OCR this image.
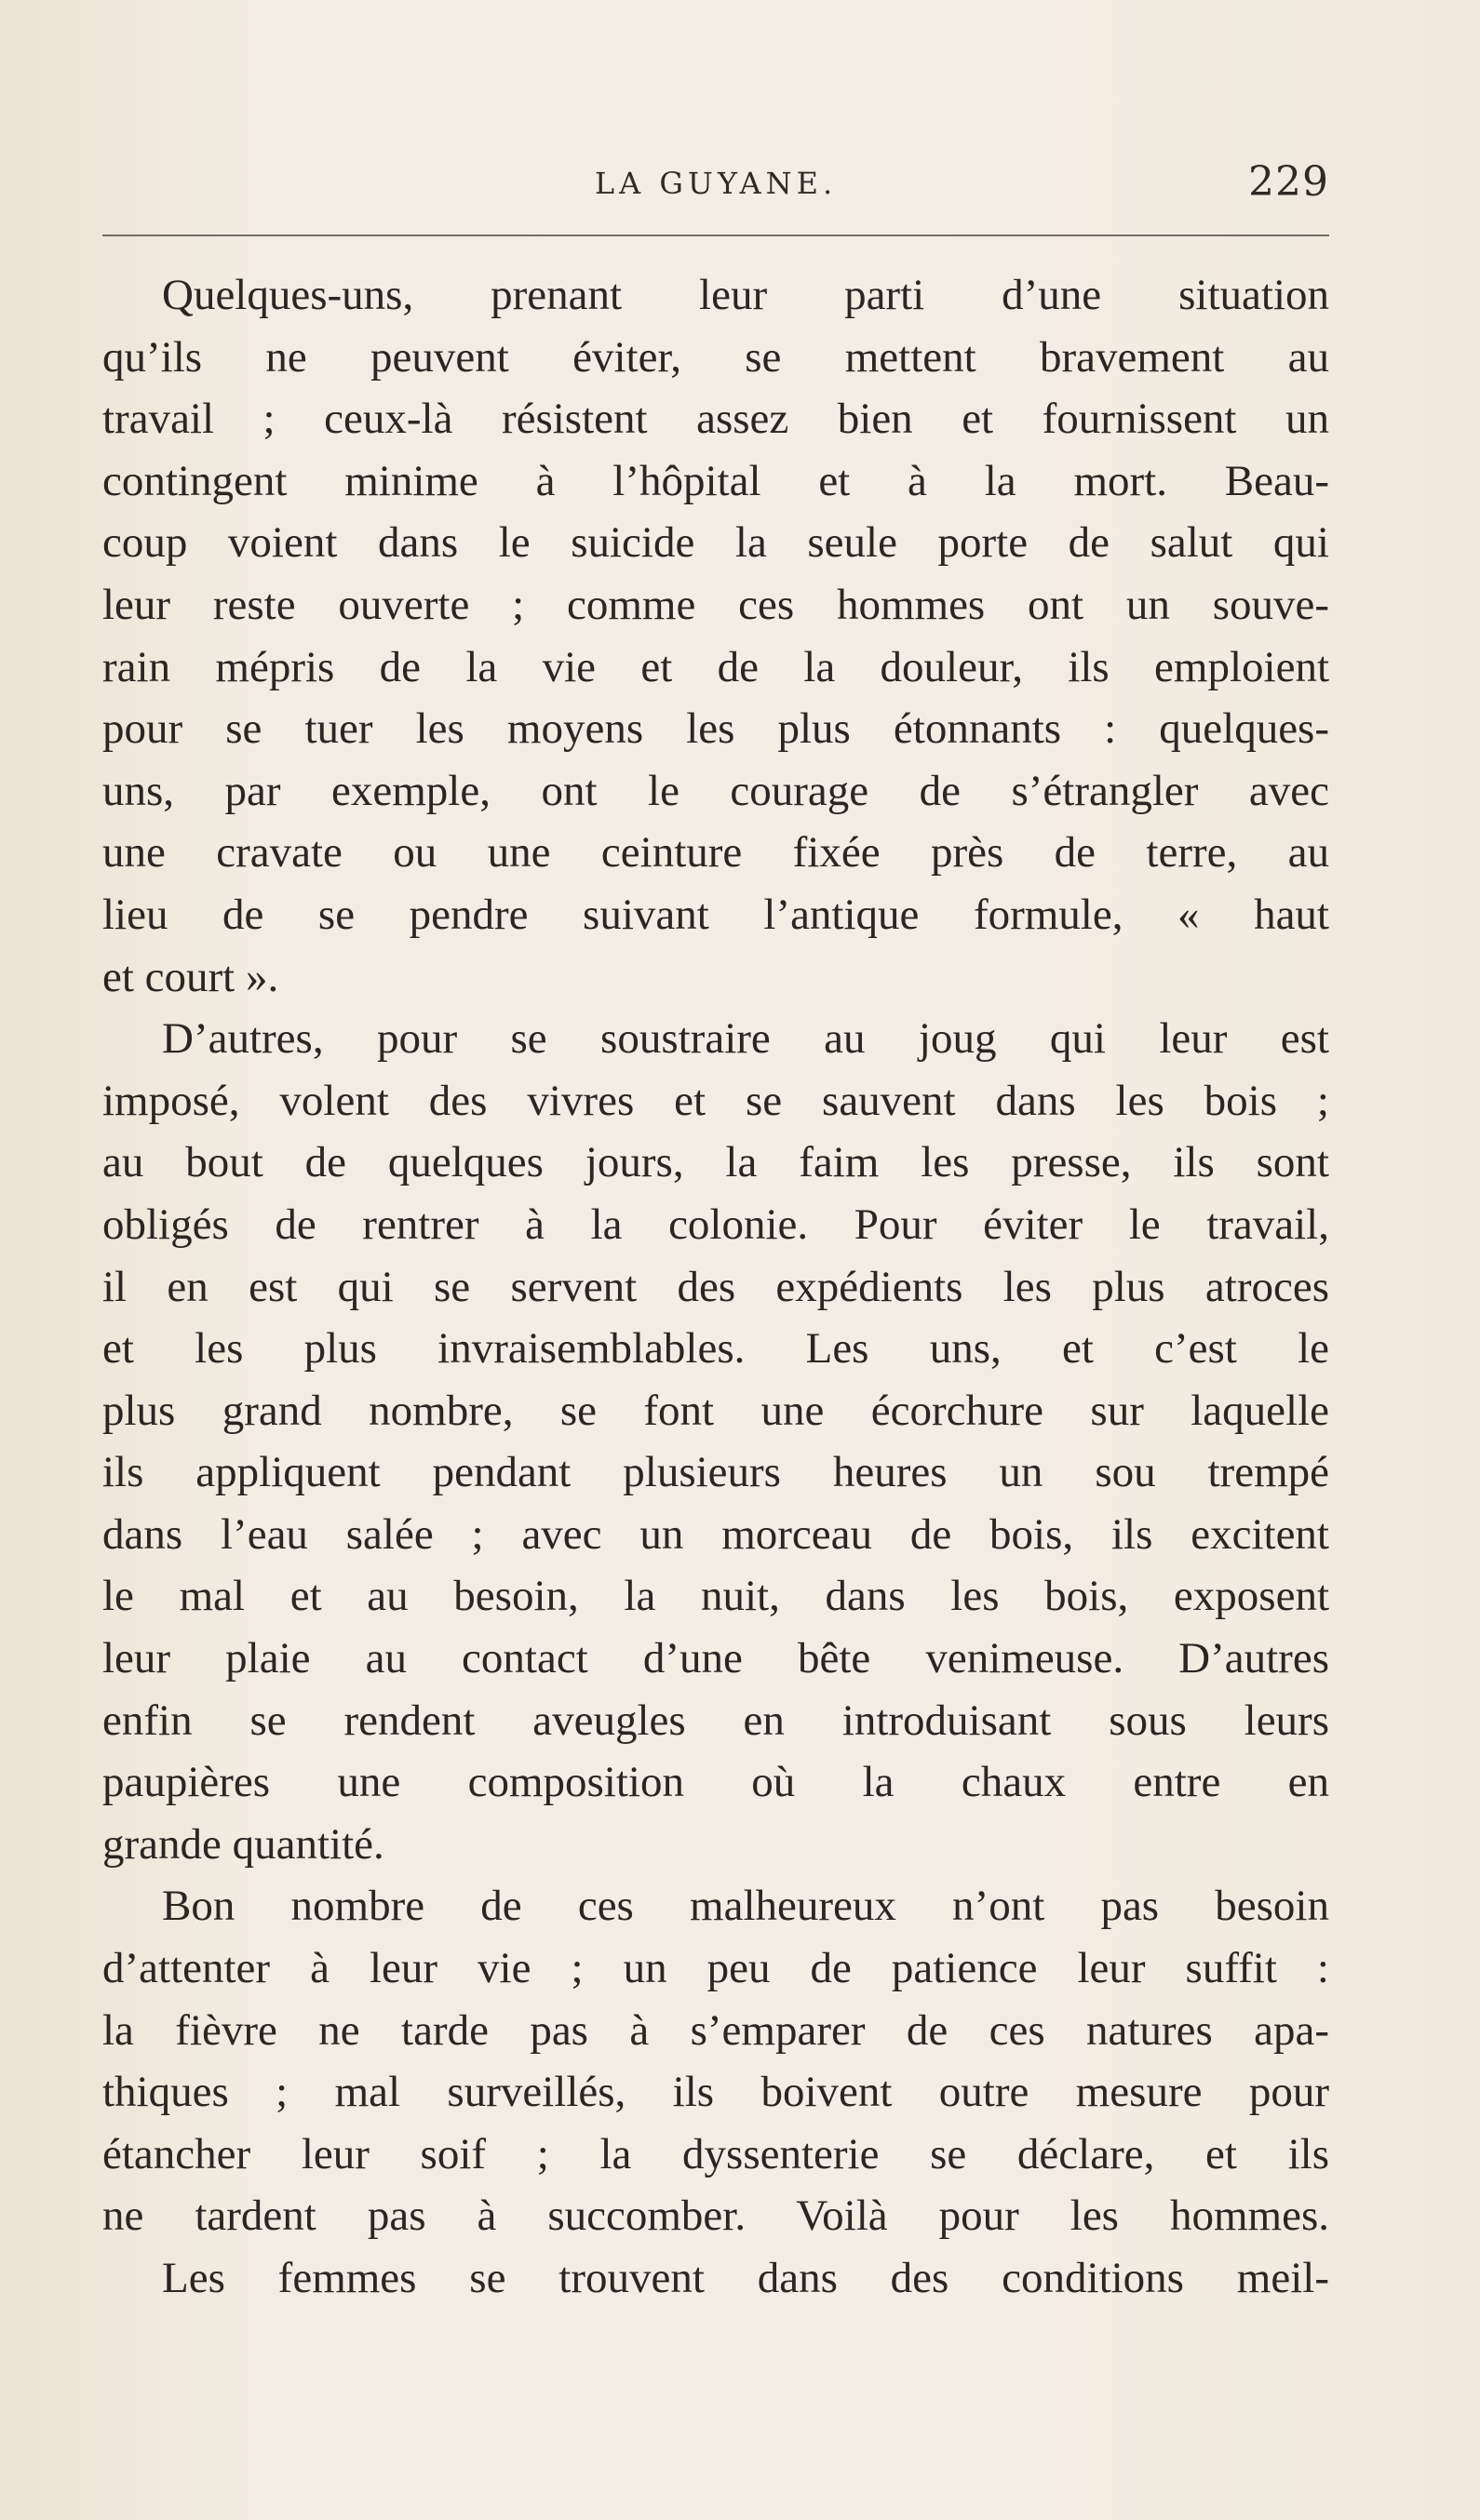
LA GUYANE.	229
Quelques-uns, prenant leur parti d’une situation
qu’ils ne peuvent éviter, se mettent bravement au
travail ; ceux-là résistent assez bien et fournissent un
contingent minime à l’hôpital et à la mort. Beau-
coup voient dans le suicide la seule porte de salut qui
leur reste ouverte ; comme ces hommes ont un souve-
rain mépris de la vie et de la douleur, ils emploient
pour se tuer les moyens les plus étonnants : quelques-
uns, par exemple, ont le courage de s’étrangler avec
une cravate ou une ceinture fixée près de terre, au
lieu de se pendre suivant l’antique formule, « haut
et court ».
D’autres, pour se soustraire au joug qui leur est
imposé, volent des vivres et se sauvent dans les bois ;
au bout de quelques jours, la faim les presse, ils sont
obligés de rentrer à la colonie. Pour éviter le travail,
il en est qui se servent des expédients les plus atroces
et les plus invraisemblables. Les uns, et c’est le
plus grand nombre, se font une écorchure sur laquelle
ils appliquent pendant plusieurs heures un sou trempé
dans l’eau salée ; avec un morceau de bois, ils excitent
le mal et au besoin, la nuit, dans les bois, exposent
leur plaie au contact d’une bête venimeuse. D’autres
enfin se rendent aveugles en introduisant sous leurs
paupières une composition où la chaux entre en
grande quantité.
Bon nombre de ces malheureux n’ont pas besoin
d’attenter à leur vie ; un peu de patience leur suffit :
la fièvre ne tarde pas à s’emparer de ces natures apa-
thiques ; mal surveillés, ils boivent outre mesure pour
étancher leur soif ; la dyssenterie se déclare, et ils
ne tardent pas à succomber. Voilà pour les hommes.
Les femmes se trouvent dans des conditions meil-
